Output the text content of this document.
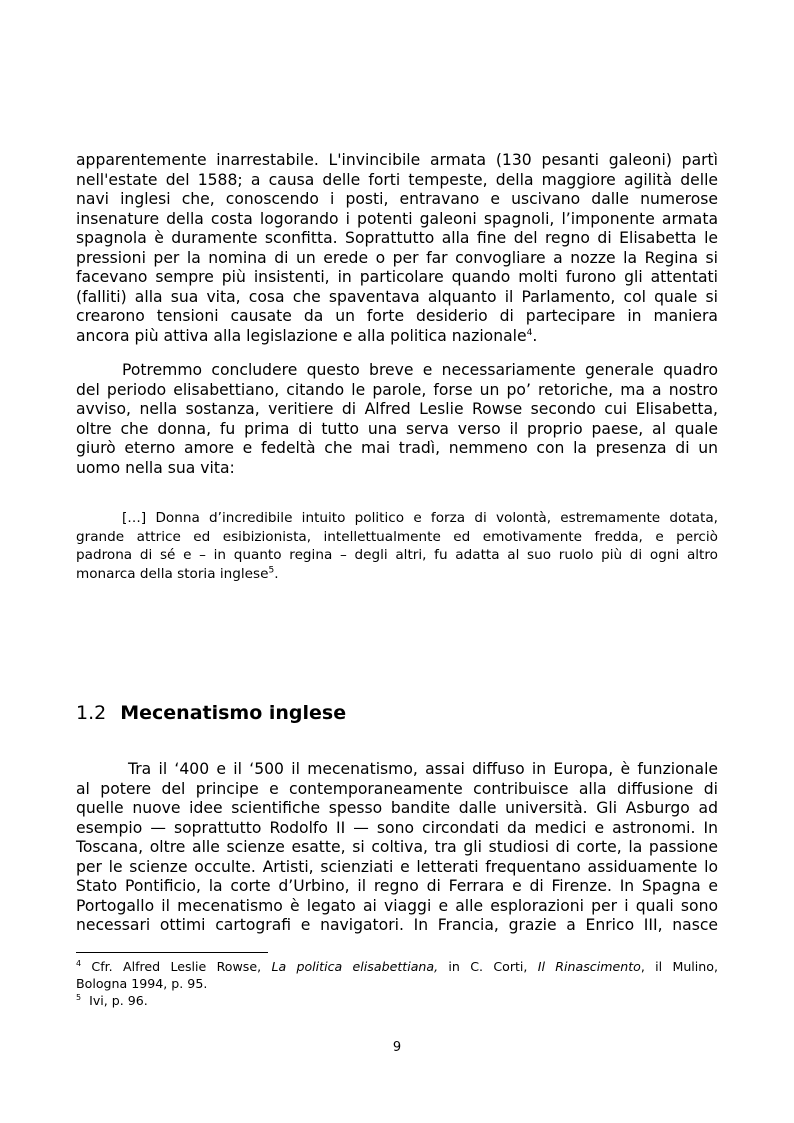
apparentemente inarrestabile. L'invincibile armata (130 pesanti galeoni) partì
nell'estate del 1588; a causa delle forti tempeste, della maggiore agilità delle
navi inglesi che, conoscendo i posti, entravano e uscivano dalle numerose
insenature della costa logorando i potenti galeoni spagnoli, l’imponente armata
spagnola è duramente sconfitta. Soprattutto alla fine del regno di Elisabetta le
pressioni per la nomina di un erede o per far convogliare a nozze la Regina si
facevano sempre più insistenti, in particolare quando molti furono gli attentati
(falliti) alla sua vita, cosa che spaventava alquanto il Parlamento, col quale si
crearono tensioni causate da un forte desiderio di partecipare in maniera
ancora più attiva alla legislazione e alla politica nazionale$^4$.

Potremmo concludere questo breve e necessariamente generale quadro
del periodo elisabettiano, citando le parole, forse un po’ retoriche, ma a nostro
avviso, nella sostanza, veritiere di Alfred Leslie Rowse secondo cui Elisabetta,
oltre che donna, fu prima di tutto una serva verso il proprio paese, al quale
giurò eterno amore e fedeltà che mai tradì, nemmeno con la presenza di un
uomo nella sua vita:

[…] Donna d’incredibile intuito politico e forza di volontà, estremamente dotata,
grande attrice ed esibizionista, intellettualmente ed emotivamente fredda, e perciò
padrona di sé e – in quanto regina – degli altri, fu adatta al suo ruolo più di ogni altro
monarca della storia inglese$^5$.
1.2 Mecenatismo inglese

Tra il ‘400 e il ‘500 il mecenatismo, assai diffuso in Europa, è funzionale
al potere del principe e contemporaneamente contribuisce alla diffusione di
quelle nuove idee scientifiche spesso bandite dalle università. Gli Asburgo ad
esempio — soprattutto Rodolfo II — sono circondati da medici e astronomi. In
Toscana, oltre alle scienze esatte, si coltiva, tra gli studiosi di corte, la passione
per le scienze occulte. Artisti, scienziati e letterati frequentano assiduamente lo
Stato Pontificio, la corte d’Urbino, il regno di Ferrara e di Firenze. In Spagna e
Portogallo il mecenatismo è legato ai viaggi e alle esplorazioni per i quali sono
necessari ottimi cartografi e navigatori. In Francia, grazie a Enrico III, nasce

$^4$ Cfr. Alfred Leslie Rowse, La politica elisabettiana, in C. Corti, Il Rinascimento, il Mulino,
Bologna 1994, p. 95.
$^5$  Ivi, p. 96.
9
